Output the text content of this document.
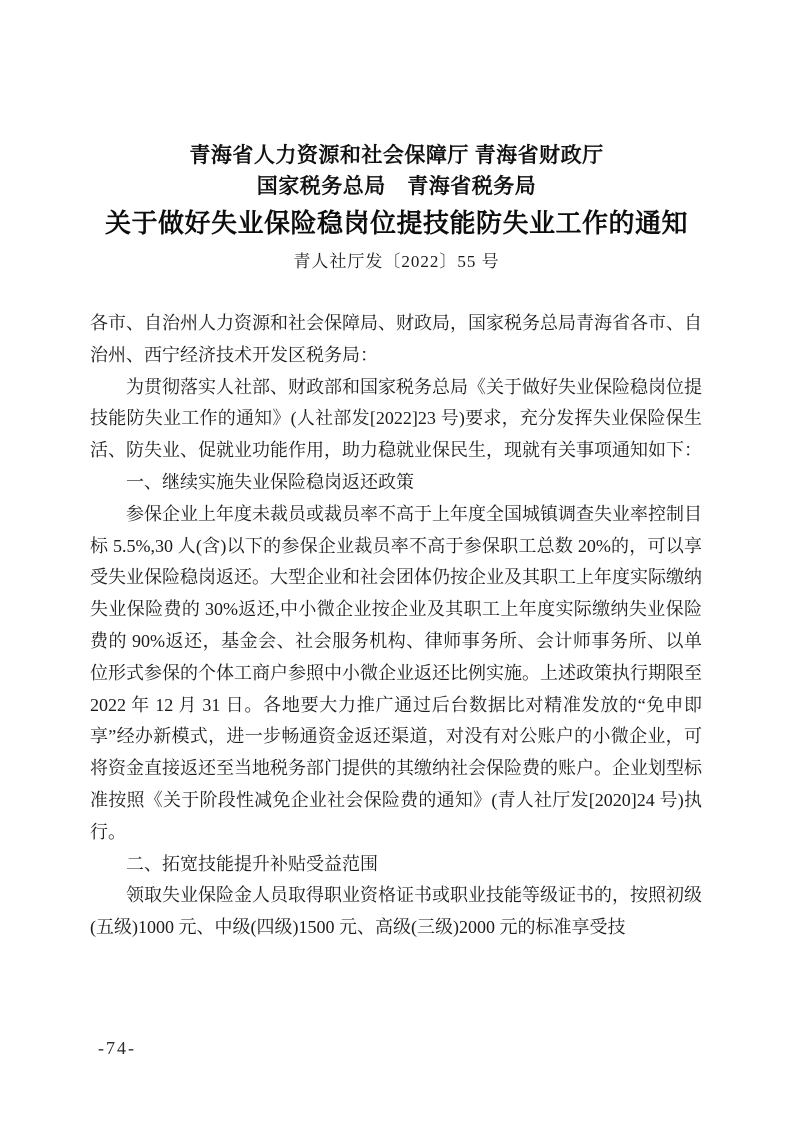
青海省人力资源和社会保障厅 青海省财政厅
国家税务总局　青海省税务局
关于做好失业保险稳岗位提技能防失业工作的通知
青人社厅发〔2022〕55 号

各市、自治州人力资源和社会保障局、财政局，国家税务总局青海省各市、自治州、西宁经济技术开发区税务局：

为贯彻落实人社部、财政部和国家税务总局《关于做好失业保险稳岗位提技能防失业工作的通知》(人社部发[2022]23 号)要求，充分发挥失业保险保生活、防失业、促就业功能作用，助力稳就业保民生，现就有关事项通知如下：

一、继续实施失业保险稳岗返还政策

参保企业上年度未裁员或裁员率不高于上年度全国城镇调查失业率控制目标 5.5%,30 人(含)以下的参保企业裁员率不高于参保职工总数 20%的，可以享受失业保险稳岗返还。大型企业和社会团体仍按企业及其职工上年度实际缴纳失业保险费的 30%返还,中小微企业按企业及其职工上年度实际缴纳失业保险费的 90%返还，基金会、社会服务机构、律师事务所、会计师事务所、以单位形式参保的个体工商户参照中小微企业返还比例实施。上述政策执行期限至 2022 年 12 月 31 日。各地要大力推广通过后台数据比对精准发放的“免申即享”经办新模式，进一步畅通资金返还渠道，对没有对公账户的小微企业，可将资金直接返还至当地税务部门提供的其缴纳社会保险费的账户。企业划型标准按照《关于阶段性减免企业社会保险费的通知》(青人社厅发[2020]24 号)执行。

二、拓宽技能提升补贴受益范围

领取失业保险金人员取得职业资格证书或职业技能等级证书的，按照初级(五级)1000 元、中级(四级)1500 元、高级(三级)2000 元的标准享受技

-74-
